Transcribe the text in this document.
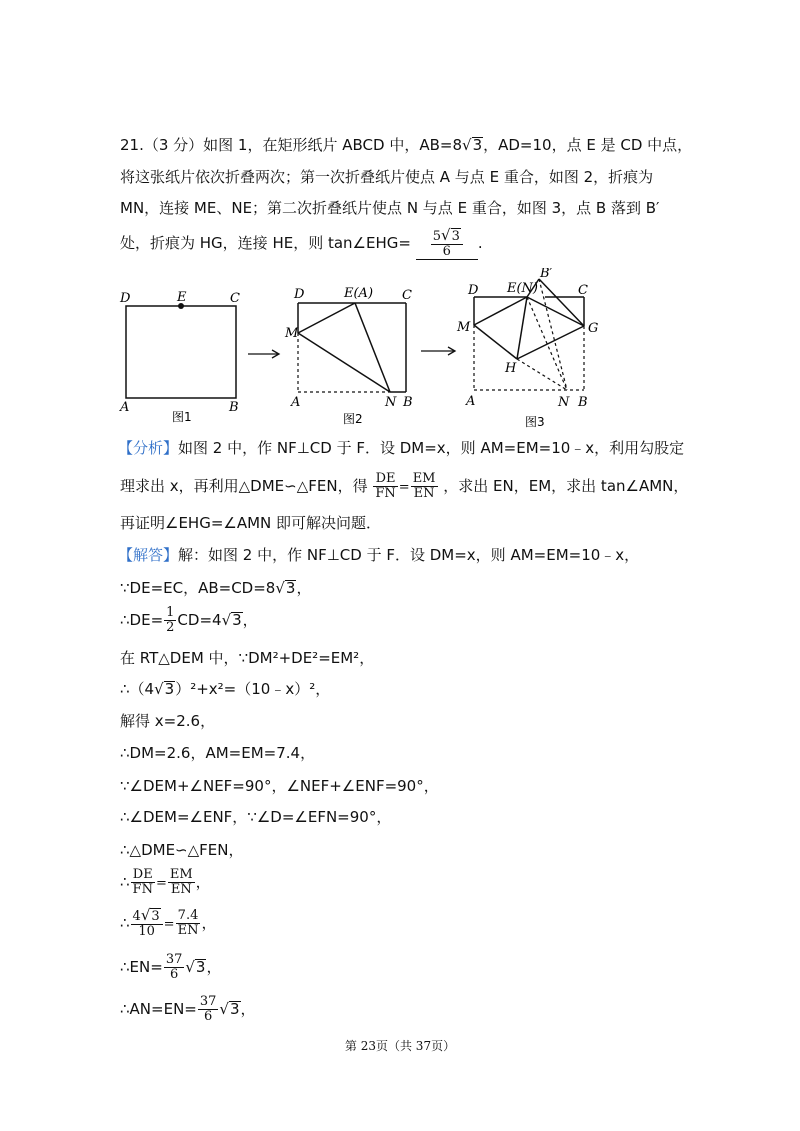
21.（3 分）如图 1，在矩形纸片 ABCD 中，AB=8√3，AD=10，点 E 是 CD 中点，
将这张纸片依次折叠两次；第一次折叠纸片使点 A 与点 E 重合，如图 2，折痕为
MN，连接 ME、NE；第二次折叠纸片使点 N 与点 E 重合，如图 3，点 B 落到 B′
处，折痕为 HG，连接 HE，则 tan∠EHG= $\frac{5√3}{6}$ .
D	E	C
A	B
图1
D	E(A) C
M
A	N B
图2
B′
D E(N)	C
M	G
H
A	N B
图3
【分析】如图 2 中，作 NF⊥CD 于 F．设 DM=x，则 AM=EM=10﹣x，利用勾股定
理求出 x，再利用△DME∽△FEN，得 $\frac{DE}{FN} = \frac{EM}{EN}$ ，求出 EN，EM，求出 tan∠AMN，
再证明∠EHG=∠AMN 即可解决问题．
【解答】解：如图 2 中，作 NF⊥CD 于 F．设 DM=x，则 AM=EM=10﹣x，
∵DE=EC，AB=CD=8√3，
∴DE= $\frac{1}{2} CD=4√3$，
在 RT△DEM 中，∵DM²+DE²=EM²，
∴（4√3）²+x²=（10﹣x）²，
解得 x=2.6，
∴DM=2.6，AM=EM=7.4，
∵∠DEM+∠NEF=90°，∠NEF+∠ENF=90°，
∴∠DEM=∠ENF，∵∠D=∠EFN=90°，
∴△DME∽△FEN，
∴ $\frac{DE}{FN} = \frac{EM}{EN}$ ，
∴ $\frac{4√3}{10} = \frac{7.4}{EN}$ ，
∴EN= $\frac{37}{6} √3$，
∴AN=EN= $\frac{37}{6} √3$，
第 23页（共 37页）
